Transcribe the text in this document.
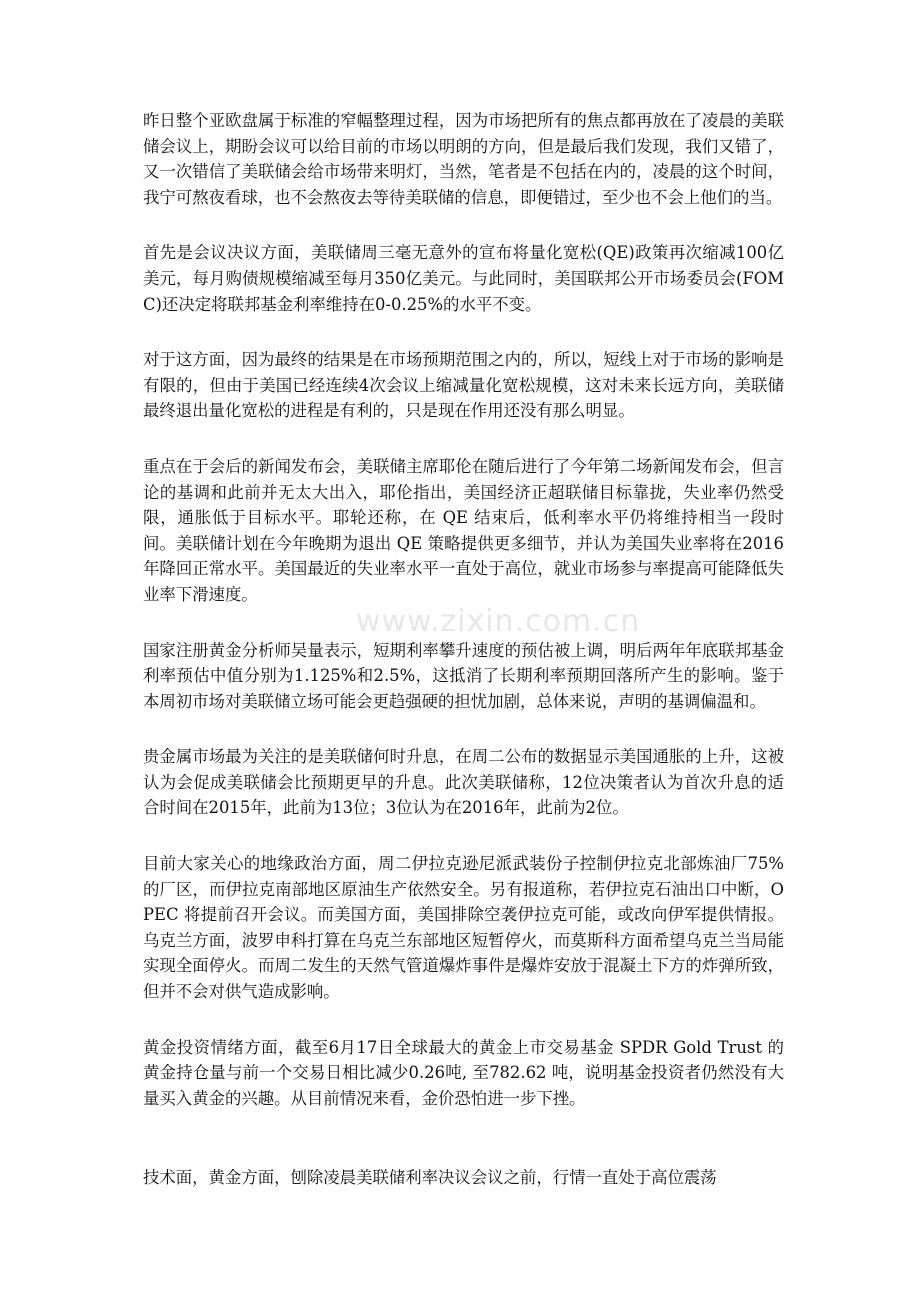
昨日整个亚欧盘属于标准的窄幅整理过程，因为市场把所有的焦点都再放在了凌晨的美联储会议上，期盼会议可以给目前的市场以明朗的方向，但是最后我们发现，我们又错了，又一次错信了美联储会给市场带来明灯，当然，笔者是不包括在内的，凌晨的这个时间，我宁可熬夜看球，也不会熬夜去等待美联储的信息，即便错过，至少也不会上他们的当。

首先是会议决议方面，美联储周三毫无意外的宣布将量化宽松(QE)政策再次缩减100亿美元，每月购债规模缩减至每月350亿美元。与此同时，美国联邦公开市场委员会(FOMC)还决定将联邦基金利率维持在0-0.25%的水平不变。

对于这方面，因为最终的结果是在市场预期范围之内的，所以，短线上对于市场的影响是有限的，但由于美国已经连续4次会议上缩减量化宽松规模，这对未来长远方向，美联储最终退出量化宽松的进程是有利的，只是现在作用还没有那么明显。

重点在于会后的新闻发布会，美联储主席耶伦在随后进行了今年第二场新闻发布会，但言论的基调和此前并无太大出入，耶伦指出，美国经济正超联储目标靠拢，失业率仍然受限，通胀低于目标水平。耶轮还称，在 QE 结束后，低利率水平仍将维持相当一段时间。美联储计划在今年晚期为退出 QE 策略提供更多细节，并认为美国失业率将在2016年降回正常水平。美国最近的失业率水平一直处于高位，就业市场参与率提高可能降低失业率下滑速度。

国家注册黄金分析师吴量表示，短期利率攀升速度的预估被上调，明后两年年底联邦基金利率预估中值分别为1.125%和2.5%，这抵消了长期利率预期回落所产生的影响。鉴于本周初市场对美联储立场可能会更趋强硬的担忧加剧，总体来说，声明的基调偏温和。

贵金属市场最为关注的是美联储何时升息，在周二公布的数据显示美国通胀的上升，这被认为会促成美联储会比预期更早的升息。此次美联储称，12位决策者认为首次升息的适合时间在2015年，此前为13位；3位认为在2016年，此前为2位。

目前大家关心的地缘政治方面，周二伊拉克逊尼派武装份子控制伊拉克北部炼油厂75%的厂区，而伊拉克南部地区原油生产依然安全。另有报道称，若伊拉克石油出口中断，OPEC 将提前召开会议。而美国方面，美国排除空袭伊拉克可能，或改向伊军提供情报。乌克兰方面，波罗申科打算在乌克兰东部地区短暂停火，而莫斯科方面希望乌克兰当局能实现全面停火。而周二发生的天然气管道爆炸事件是爆炸安放于混凝土下方的炸弹所致，但并不会对供气造成影响。

黄金投资情绪方面，截至6月17日全球最大的黄金上市交易基金 SPDR Gold Trust 的黄金持仓量与前一个交易日相比减少0.26吨, 至782.62 吨，说明基金投资者仍然没有大量买入黄金的兴趣。从目前情况来看，金价恐怕进一步下挫。

技术面，黄金方面，刨除凌晨美联储利率决议会议之前，行情一直处于高位震荡

www.zixin.com.cn
